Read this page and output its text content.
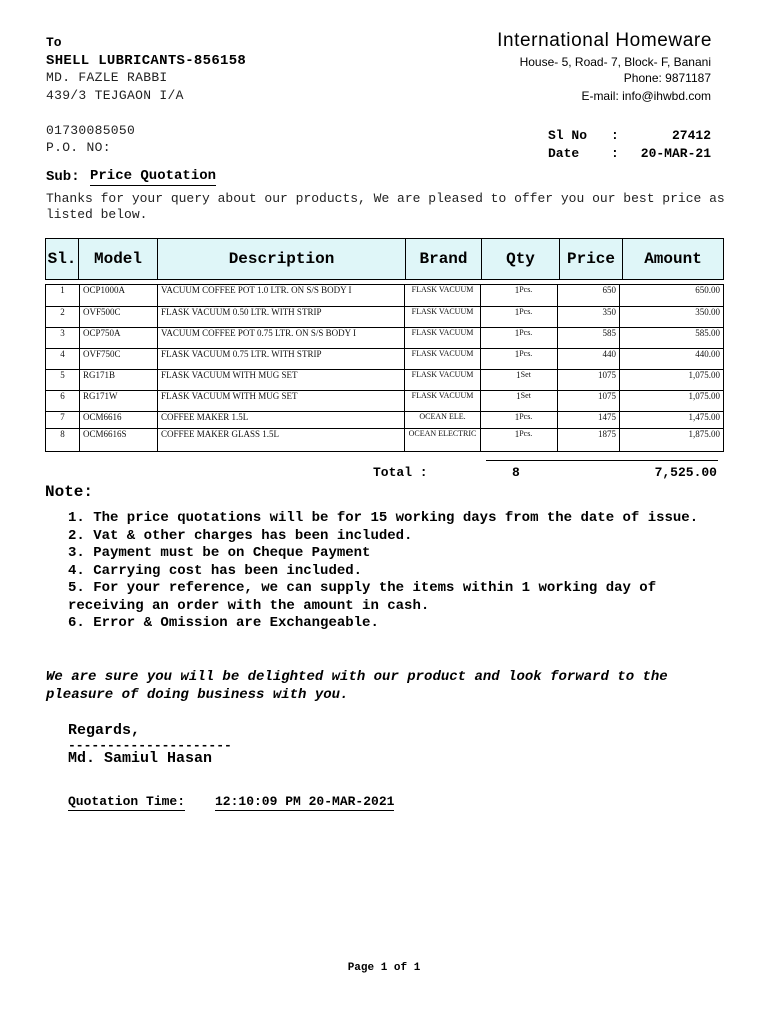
To
SHELL LUBRICANTS-856158
MD. FAZLE RABBI
439/3 TEJGAON I/A
01730085050
P.O. NO:
International Homeware
House- 5, Road- 7, Block- F, Banani
Phone: 9871187
E-mail: info@ihwbd.com
Sl No :	27412
Date : 20-MAR-21
Sub: Price Quotation
Thanks for your query about our products, We are pleased to offer you our best price as listed below.
Sl.	Model	Description	Brand	Qty	Price	Amount
1	OCP1000A	VACUUM COFFEE POT 1.0 LTR. ON S/S BODY I	FLASK VACUUM	1Pcs.	650	650.00
2	OVF500C	FLASK VACUUM 0.50 LTR. WITH STRIP	FLASK VACUUM	1Pcs.	350	350.00
3	OCP750A	VACUUM COFFEE POT 0.75 LTR. ON S/S BODY I	FLASK VACUUM	1Pcs.	585	585.00
4	OVF750C	FLASK VACUUM 0.75 LTR. WITH STRIP	FLASK VACUUM	1Pcs.	440	440.00
5	RG171B	FLASK VACUUM WITH MUG SET	FLASK VACUUM	1Set	1075	1,075.00
6	RG171W	FLASK VACUUM WITH MUG SET	FLASK VACUUM	1Set	1075	1,075.00
7	OCM6616	COFFEE MAKER 1.5L	OCEAN ELE.	1Pcs.	1475	1,475.00
8	OCM6616S	COFFEE MAKER GLASS 1.5L	OCEAN ELECTRIC	1Pcs.	1875	1,875.00
Total :	8	7,525.00
Note:
1. The price quotations will be for 15 working days from the date of issue.
2. Vat & other charges has been included.
3. Payment must be on Cheque Payment
4. Carrying cost has been included.
5. For your reference, we can supply the items within 1 working day of receiving an order with the amount in cash.
6. Error & Omission are Exchangeable.
We are sure you will be delighted with our product and look forward to the pleasure of doing business with you.
Regards,
---------------------
Md. Samiul Hasan
Quotation Time: 12:10:09 PM 20-MAR-2021
Page 1 of 1
